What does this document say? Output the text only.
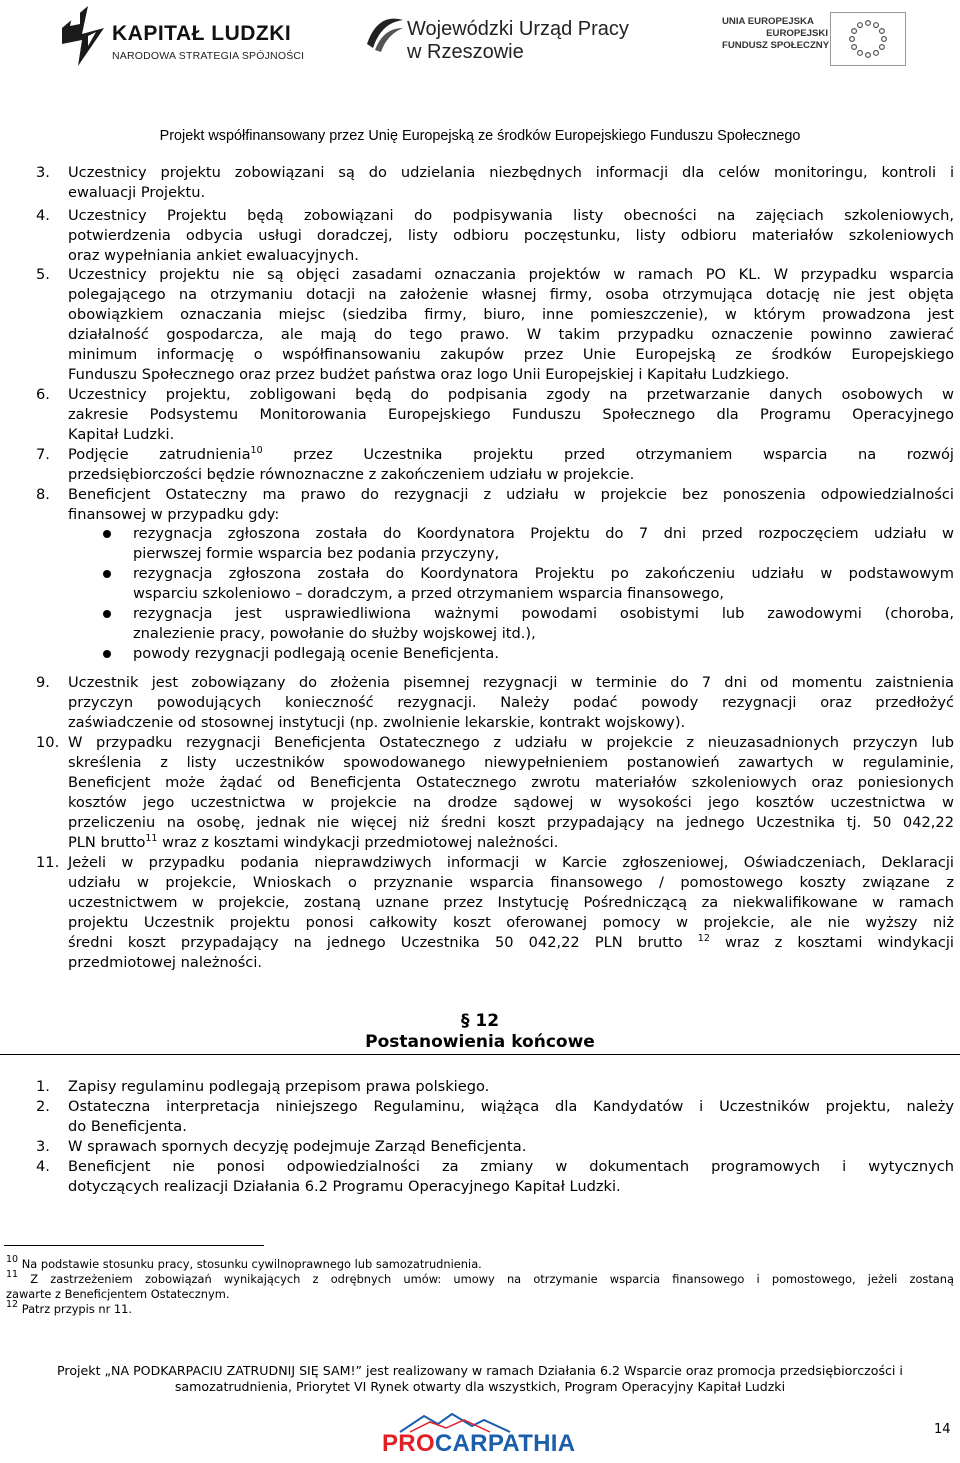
KAPITAŁ LUDZKI
NARODOWA STRATEGIA SPÓJNOŚCI
Wojewódzki Urząd Pracy
w Rzeszowie
UNIA EUROPEJSKA
EUROPEJSKI
FUNDUSZ SPOŁECZNY
Projekt współfinansowany przez Unię Europejską ze środków Europejskiego Funduszu Społecznego
3. Uczestnicy projektu zobowiązani są do udzielania niezbędnych informacji dla celów monitoringu, kontroli i
ewaluacji Projektu.
4. Uczestnicy Projektu będą zobowiązani do podpisywania listy obecności na zajęciach szkoleniowych,
potwierdzenia odbycia usługi doradczej, listy odbioru poczęstunku, listy odbioru materiałów szkoleniowych
oraz wypełniania ankiet ewaluacyjnych.
5. Uczestnicy projektu nie są objęci zasadami oznaczania projektów w ramach PO KL. W przypadku wsparcia
polegającego na otrzymaniu dotacji na założenie własnej firmy, osoba otrzymująca dotację nie jest objęta
obowiązkiem oznaczania miejsc (siedziba firmy, biuro, inne pomieszczenie), w którym prowadzona jest
działalność gospodarcza, ale mają do tego prawo. W takim przypadku oznaczenie powinno zawierać
minimum informację o współfinansowaniu zakupów przez Unie Europejską ze środków Europejskiego
Funduszu Społecznego oraz przez budżet państwa oraz logo Unii Europejskiej i Kapitału Ludzkiego.
6. Uczestnicy projektu, zobligowani będą do podpisania zgody na przetwarzanie danych osobowych w
zakresie Podsystemu Monitorowania Europejskiego Funduszu Społecznego dla Programu Operacyjnego
Kapitał Ludzki.
7. Podjęcie zatrudnienia$^{10}$ przez Uczestnika projektu przed otrzymaniem wsparcia na rozwój
przedsiębiorczości będzie równoznaczne z zakończeniem udziału w projekcie.
8. Beneficjent Ostateczny ma prawo do rezygnacji z udziału w projekcie bez ponoszenia odpowiedzialności
finansowej w przypadku gdy:
rezygnacja zgłoszona została do Koordynatora Projektu do 7 dni przed rozpoczęciem udziału w
pierwszej formie wsparcia bez podania przyczyny,
rezygnacja zgłoszona została do Koordynatora Projektu po zakończeniu udziału w podstawowym
wsparciu szkoleniowo – doradczym, a przed otrzymaniem wsparcia finansowego,
rezygnacja jest usprawiedliwiona ważnymi powodami osobistymi lub zawodowymi (choroba,
znalezienie pracy, powołanie do służby wojskowej itd.),
powody rezygnacji podlegają ocenie Beneficjenta.
9. Uczestnik jest zobowiązany do złożenia pisemnej rezygnacji w terminie do 7 dni od momentu zaistnienia
przyczyn powodujących konieczność rezygnacji. Należy podać powody rezygnacji oraz przedłożyć
zaświadczenie od stosownej instytucji (np. zwolnienie lekarskie, kontrakt wojskowy).
10. W przypadku rezygnacji Beneficjenta Ostatecznego z udziału w projekcie z nieuzasadnionych przyczyn lub
skreślenia z listy uczestników spowodowanego niewypełnieniem postanowień zawartych w regulaminie,
Beneficjent może żądać od Beneficjenta Ostatecznego zwrotu materiałów szkoleniowych oraz poniesionych
kosztów jego uczestnictwa w projekcie na drodze sądowej w wysokości jego kosztów uczestnictwa w
przeliczeniu na osobę, jednak nie więcej niż średni koszt przypadający na jednego Uczestnika tj. 50 042,22
PLN brutto$^{11}$ wraz z kosztami windykacji przedmiotowej należności.
11. Jeżeli w przypadku podania nieprawdziwych informacji w Karcie zgłoszeniowej, Oświadczeniach, Deklaracji
udziału w projekcie, Wnioskach o przyznanie wsparcia finansowego / pomostowego koszty związane z
uczestnictwem w projekcie, zostaną uznane przez Instytucję Pośredniczącą za niekwalifikowane w ramach
projektu Uczestnik projektu ponosi całkowity koszt oferowanej pomocy w projekcie, ale nie wyższy niż
średni koszt przypadający na jednego Uczestnika 50 042,22 PLN brutto $^{12}$ wraz z kosztami windykacji
przedmiotowej należności.
§ 12
Postanowienia końcowe
1. Zapisy regulaminu podlegają przepisom prawa polskiego.
2. Ostateczna interpretacja niniejszego Regulaminu, wiążąca dla Kandydatów i Uczestników projektu, należy
do Beneficjenta.
3. W sprawach spornych decyzję podejmuje Zarząd Beneficjenta.
4. Beneficjent nie ponosi odpowiedzialności za zmiany w dokumentach programowych i wytycznych
dotyczących realizacji Działania 6.2 Programu Operacyjnego Kapitał Ludzki.
$^{10}$ Na podstawie stosunku pracy, stosunku cywilnoprawnego lub samozatrudnienia.
$^{11}$ Z zastrzeżeniem zobowiązań wynikających z odrębnych umów: umowy na otrzymanie wsparcia finansowego i pomostowego, jeżeli zostaną
zawarte z Beneficjentem Ostatecznym.
$^{12}$ Patrz przypis nr 11.
Projekt „NA PODKARPACIU ZATRUDNIJ SIĘ SAM!” jest realizowany w ramach Działania 6.2 Wsparcie oraz promocja przedsiębiorczości i
samozatrudnienia, Priorytet VI Rynek otwarty dla wszystkich, Program Operacyjny Kapitał Ludzki
14
PROCARPATHIA
